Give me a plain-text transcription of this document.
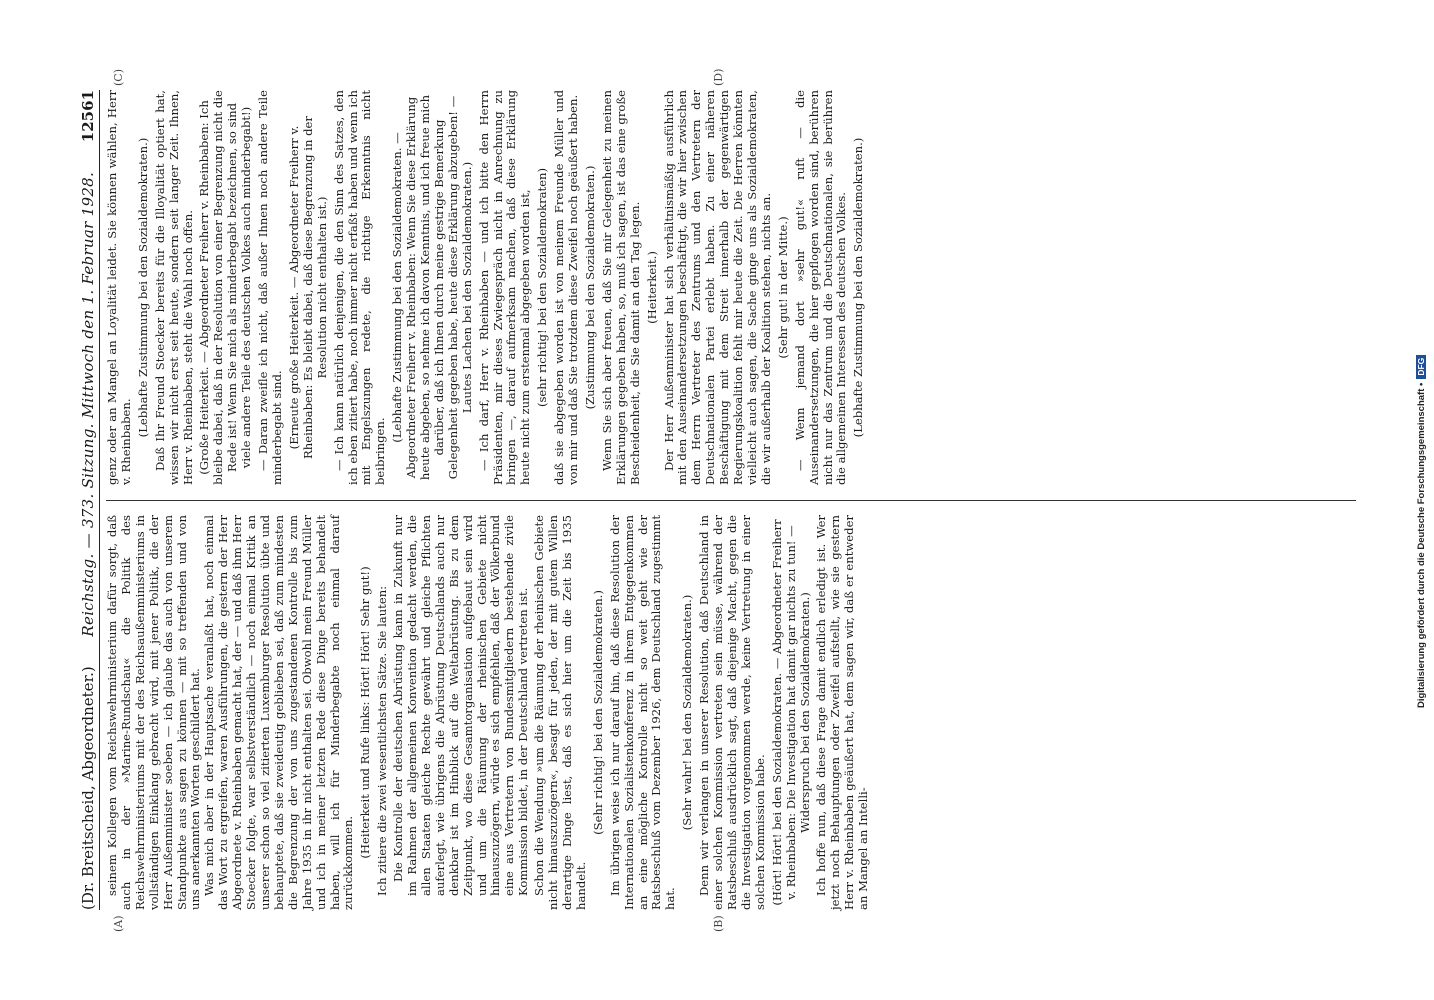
(Dr. Breitscheid, Abgeordneter.)
Reichstag. — 373. Sitzung. Mittwoch den 1. Februar 1928.
12561

seinem Kollegen vom Reichswehrministerium dafür sorgt, daß auch in der »Marine-Rundschau« die Politik des Reichswehrministeriums mit der des Reichsaußenministeriums in vollständigen Einklang gebracht wird, mit jener Politik, die der Herr Außenminister soeben — ich glaube das auch von unserem Standpunkte aus sagen zu können — mit so treffenden und von uns anerkannten Worten geschildert hat. Was mich aber in der Hauptsache veranlaßt hat, noch einmal das Wort zu ergreifen, waren Ausführungen, die gestern der Herr Abgeordnete v. Rheinbaben gemacht hat, der — und daß ihm Herr Stoecker folgte, war selbstverständlich — noch einmal Kritik an unserer schon so viel zitierten Luxemburger Resolution übte und behauptete, daß sie zweideutig geblieben sei, daß zum mindesten die Begrenzung der von uns zugestandenen Kontrolle bis zum Jahre 1935 in ihr nicht enthalten sei. Obwohl mein Freund Müller und ich in meiner letzten Rede diese Dinge bereits behandelt haben, will ich für Minderbegabte noch einmal darauf zurückkommen.

(Heiterkeit und Rufe links: Hört! Hört! Sehr gut!) Ich zitiere die zwei wesentlichsten Sätze. Sie lauten: Die Kontrolle der deutschen Abrüstung kann in Zukunft nur im Rahmen der allgemeinen Konvention gedacht werden, die allen Staaten gleiche Rechte gewährt und gleiche Pflichten auferlegt, wie übrigens die Abrüstung Deutschlands auch nur denkbar ist im Hinblick auf die Weltabrüstung. Bis zu dem Zeitpunkt, wo diese Gesamtorganisation aufgebaut sein wird und um die Räumung der rheinischen Gebiete nicht hinauszuzögern, würde es sich empfehlen, daß der Völkerbund eine aus Vertretern von Bundesmitgliedern bestehende zivile Kommission bildet, in der Deutschland vertreten ist. Schon die Wendung »um die Räumung der rheinischen Gebiete nicht hinauszuzögern«, besagt für jeden, der mit gutem Willen derartige Dinge liest, daß es sich hier um die Zeit bis 1935 handelt.

(Sehr richtig! bei den Sozialdemokraten.) Im übrigen weise ich nur darauf hin, daß diese Resolution der Internationalen Sozialistenkonferenz in ihrem Entgegenkommen an eine mögliche Kontrolle nicht so weit geht wie der Ratsbeschluß vom Dezember 1926, dem Deutschland zugestimmt hat.

(Sehr wahr! bei den Sozialdemokraten.) Denn wir verlangen in unserer Resolution, daß Deutschland in einer solchen Kommission vertreten sein müsse, während der Ratsbeschluß ausdrücklich sagt, daß diejenige Macht, gegen die die Investigation vorgenommen werde, keine Vertretung in einer solchen Kommission habe. (Hört! Hört! bei den Sozialdemokraten. — Abgeordneter Freiherr v. Rheinbaben: Die Investigation hat damit gar nichts zu tun! — Widerspruch bei den Sozialdemokraten.) Ich hoffe nun, daß diese Frage damit endlich erledigt ist. Wer jetzt noch Behauptungen oder Zweifel aufstellt, wie sie gestern Herr v. Rheinbaben geäußert hat, dem sagen wir, daß er entweder an Mangel an Intelli-

genz oder an Mangel an Loyalität leidet. Sie können wählen, Herr v. Rheinbaben.

(Lebhafte Zustimmung bei den Sozialdemokraten.) Daß Ihr Freund Stoecker bereits für die Illoyalität optiert hat, wissen wir nicht erst seit heute, sondern seit langer Zeit. Ihnen, Herr v. Rheinbaben, steht die Wahl noch offen. (Große Heiterkeit. — Abgeordneter Freiherr v. Rheinbaben: Ich bleibe dabei, daß in der Resolution von einer Begrenzung nicht die Rede ist! Wenn Sie mich als minderbegabt bezeichnen, so sind viele andere Teile des deutschen Volkes auch minderbegabt!) — Daran zweifle ich nicht, daß außer Ihnen noch andere Teile minderbegabt sind. (Erneute große Heiterkeit. — Abgeordneter Freiherr v. Rheinbaben: Es bleibt dabei, daß diese Begrenzung in der Resolution nicht enthalten ist.) — Ich kann natürlich denjenigen, die den Sinn des Satzes, den ich eben zitiert habe, noch immer nicht erfaßt haben und wenn ich mit Engelszungen redete, die richtige Erkenntnis nicht beibringen.

(Lebhafte Zustimmung bei den Sozialdemokraten. — Abgeordneter Freiherr v. Rheinbaben: Wenn Sie diese Erklärung heute abgeben, so nehme ich davon Kenntnis, und ich freue mich darüber, daß ich Ihnen durch meine gestrige Bemerkung Gelegenheit gegeben habe, heute diese Erklärung abzugeben! — Lautes Lachen bei den Sozialdemokraten.) — Ich darf, Herr v. Rheinbaben — und ich bitte den Herrn Präsidenten, mir dieses Zwiegespräch nicht in Anrechnung zu bringen —, darauf aufmerksam machen, daß diese Erklärung heute nicht zum erstenmal abgegeben worden ist, (sehr richtig! bei den Sozialdemokraten) daß sie abgegeben worden ist von meinem Freunde Müller und von mir und daß Sie trotzdem diese Zweifel noch geäußert haben. (Zustimmung bei den Sozialdemokraten.) Wenn Sie sich aber freuen, daß Sie mir Gelegenheit zu meinen Erklärungen gegeben haben, so, muß ich sagen, ist das eine große Bescheidenheit, die Sie damit an den Tag legen. (Heiterkeit.) Der Herr Außenminister hat sich verhältnismäßig ausführlich mit den Auseinandersetzungen beschäftigt, die wir hier zwischen dem Herrn Vertreter des Zentrums und den Vertretern der Deutschnationalen Partei erlebt haben. Zu einer näheren Beschäftigung mit dem Streit innerhalb der gegenwärtigen Regierungskoalition fehlt mir heute die Zeit. Die Herren könnten vielleicht auch sagen, die Sache ginge uns als Sozialdemokraten, die wir außerhalb der Koalition stehen, nichts an. (Sehr gut! in der Mitte.) — Wenn jemand dort »sehr gut!« ruft — die Auseinandersetzungen, die hier gepflogen worden sind, berühren nicht nur das Zentrum und die Deutschnationalen, sie berühren die allgemeinen Interessen des deutschen Volkes. (Lebhafte Zustimmung bei den Sozialdemokraten.)

(A)	(B)
(C)	(D)
Digitalisierung gefördert durch die Deutsche Forschungsgemeinschaft •DFG
